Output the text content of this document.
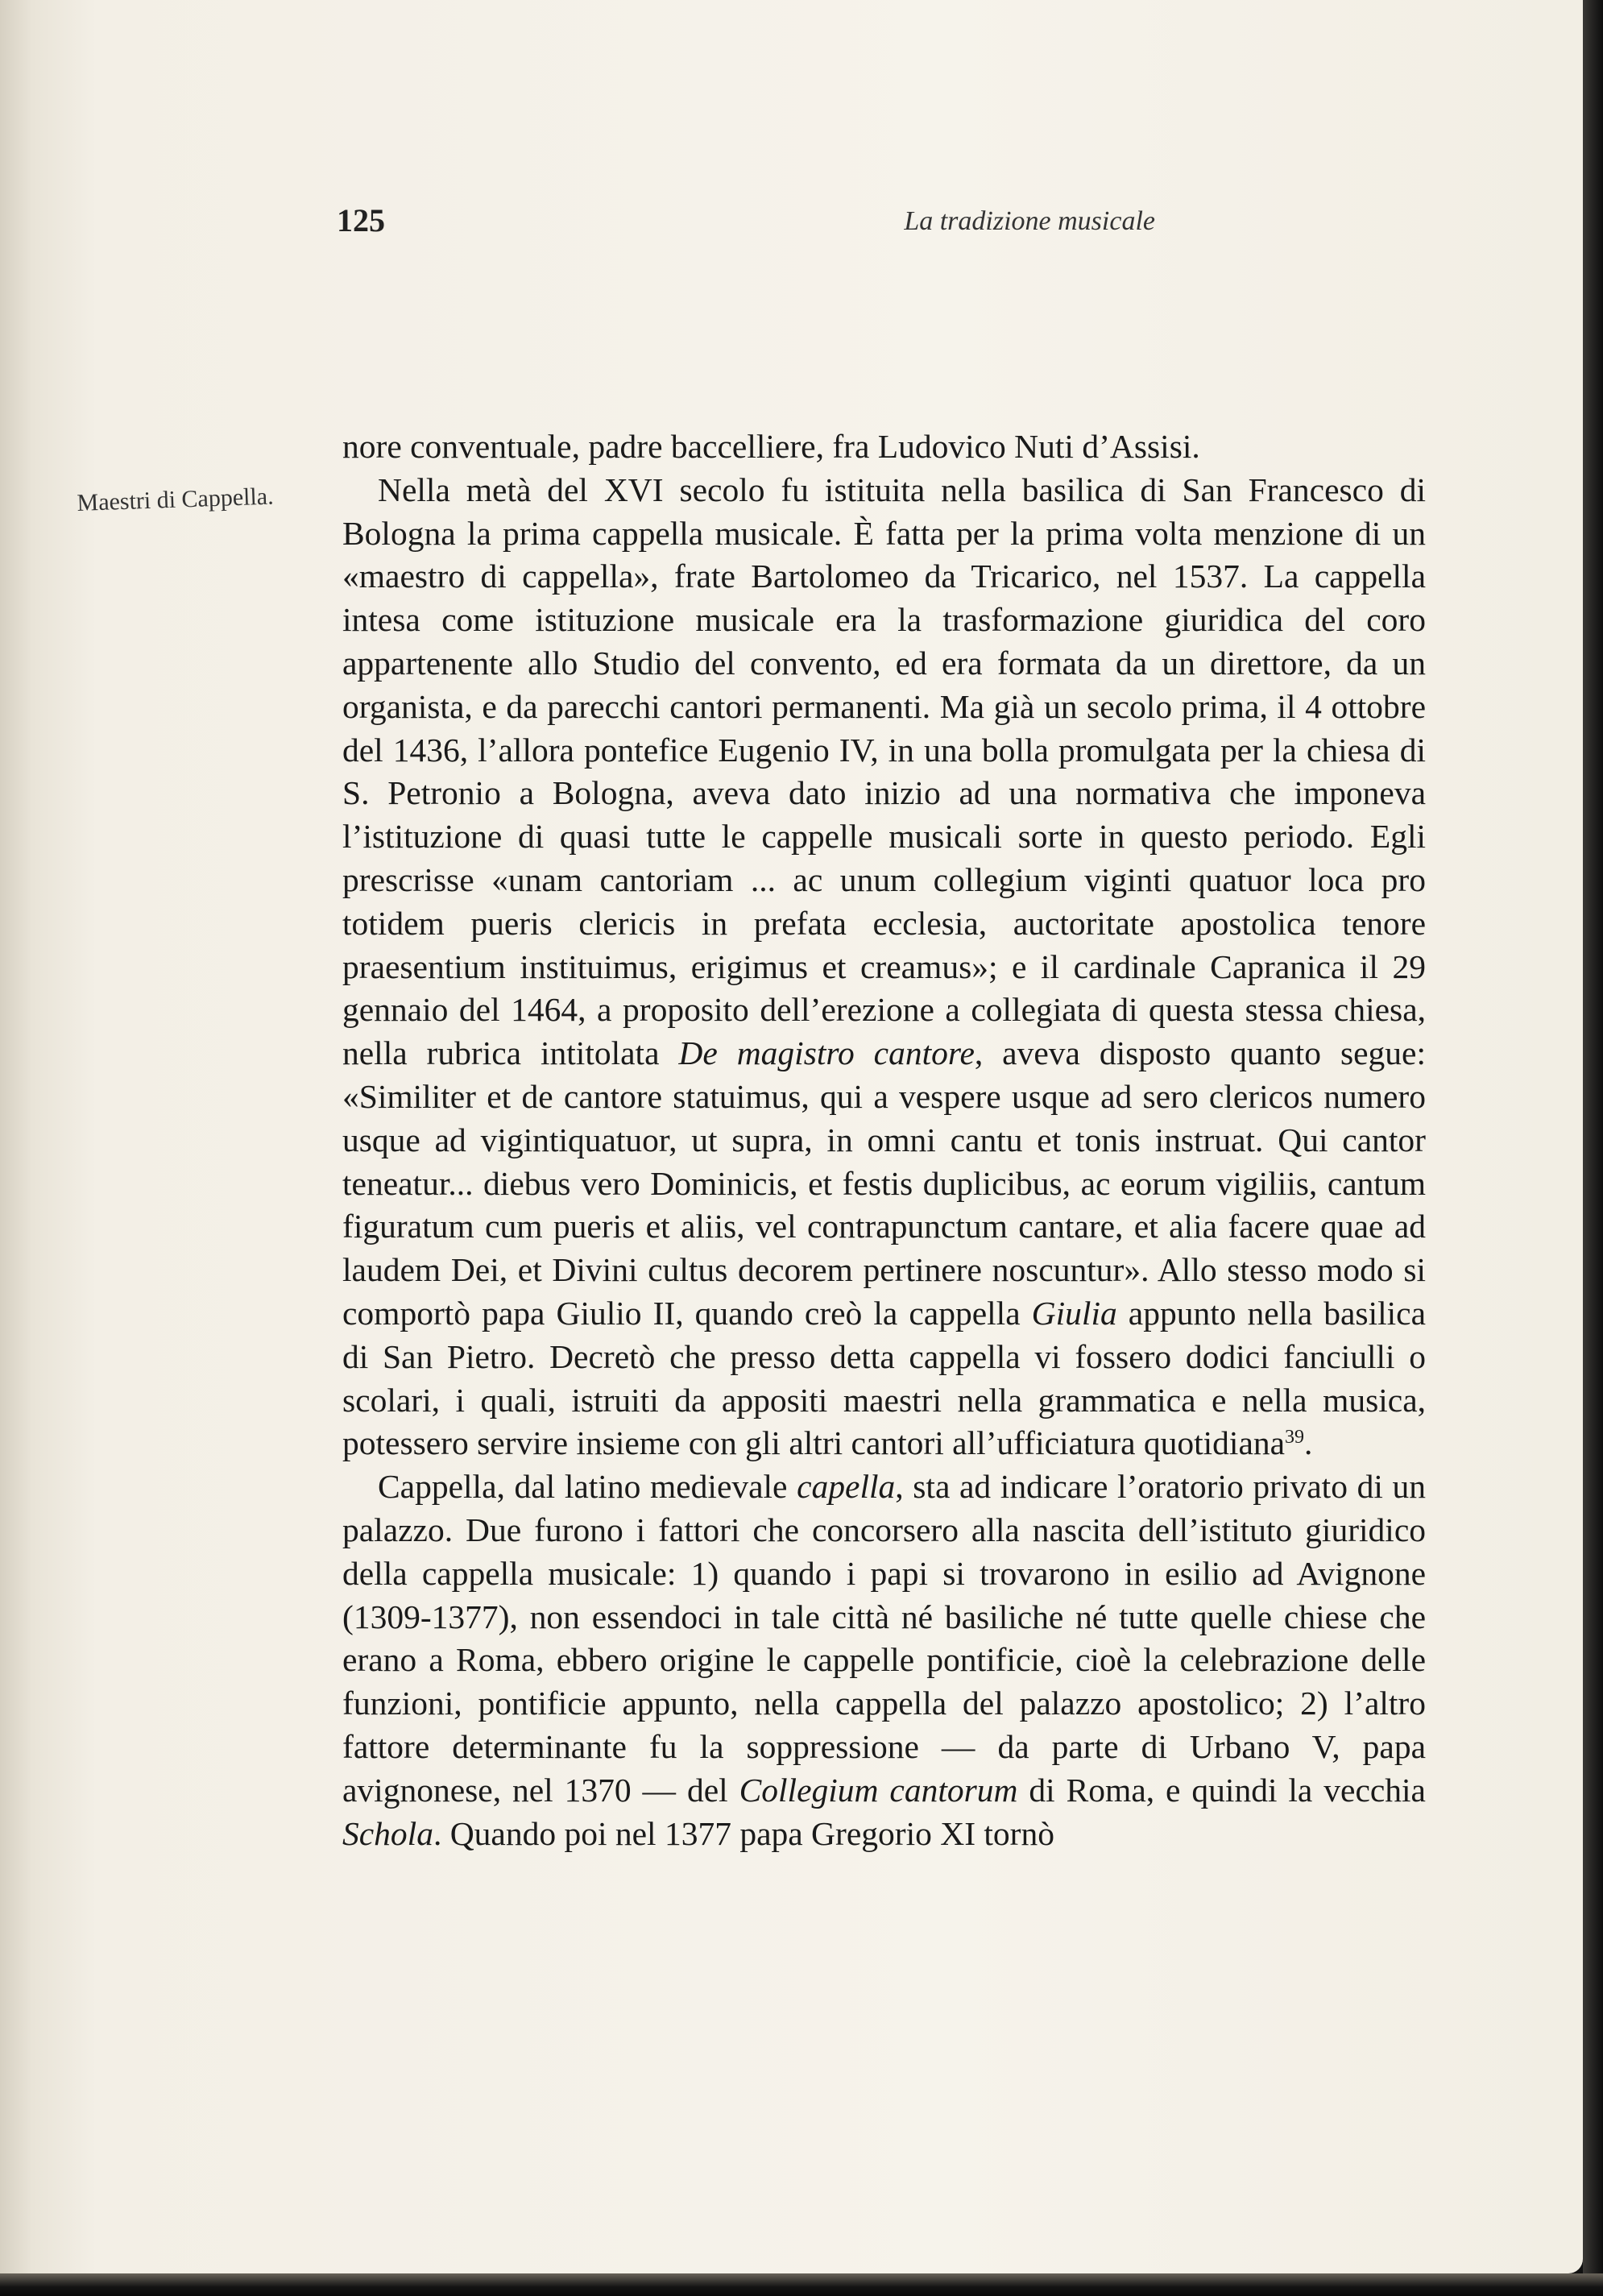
125	La tradizione musicale
Maestri di Cappella.

nore conventuale, padre baccelliere, fra Ludovico Nuti d’Assisi.

Nella metà del XVI secolo fu istituita nella basilica di San Francesco di Bologna la prima cappella musicale. È fatta per la prima volta menzione di un «maestro di cappella», frate Bartolomeo da Tricarico, nel 1537. La cappella intesa come istituzione musicale era la trasformazione giuridica del coro appartenente allo Studio del convento, ed era formata da un direttore, da un organista, e da parecchi cantori permanenti. Ma già un secolo prima, il 4 ottobre del 1436, l’allora pontefice Eugenio IV, in una bolla promulgata per la chiesa di S. Petronio a Bologna, aveva dato inizio ad una normativa che imponeva l’istituzione di quasi tutte le cappelle musicali sorte in questo periodo. Egli prescrisse «unam cantoriam ... ac unum collegium viginti quatuor loca pro totidem pueris clericis in prefata ecclesia, auctoritate apostolica tenore praesentium instituimus, erigimus et creamus»; e il cardinale Capranica il 29 gennaio del 1464, a proposito dell’erezione a collegiata di questa stessa chiesa, nella rubrica intitolata De magistro cantore, aveva disposto quanto segue: «Similiter et de cantore statuimus, qui a vespere usque ad sero clericos numero usque ad vigintiquatuor, ut supra, in omni cantu et tonis instruat. Qui cantor teneatur... diebus vero Dominicis, et festis duplicibus, ac eorum vigiliis, cantum figuratum cum pueris et aliis, vel contrapunctum cantare, et alia facere quae ad laudem Dei, et Divini cultus decorem pertinere noscuntur». Allo stesso modo si comportò papa Giulio II, quando creò la cappella Giulia appunto nella basilica di San Pietro. Decretò che presso detta cappella vi fossero dodici fanciulli o scolari, i quali, istruiti da appositi maestri nella grammatica e nella musica, potessero servire insieme con gli altri cantori all’ufficiatura quotidiana$^{39}$.

Cappella, dal latino medievale capella, sta ad indicare l’oratorio privato di un palazzo. Due furono i fattori che concorsero alla nascita dell’istituto giuridico della cappella musicale: 1) quando i papi si trovarono in esilio ad Avignone (1309-1377), non essendoci in tale città né basiliche né tutte quelle chiese che erano a Roma, ebbero origine le cappelle pontificie, cioè la celebrazione delle funzioni, pontificie appunto, nella cappella del palazzo apostolico; 2) l’altro fattore determinante fu la soppressione — da parte di Urbano V, papa avignonese, nel 1370 — del Collegium cantorum di Roma, e quindi la vecchia Schola. Quando poi nel 1377 papa Gregorio XI tornò
